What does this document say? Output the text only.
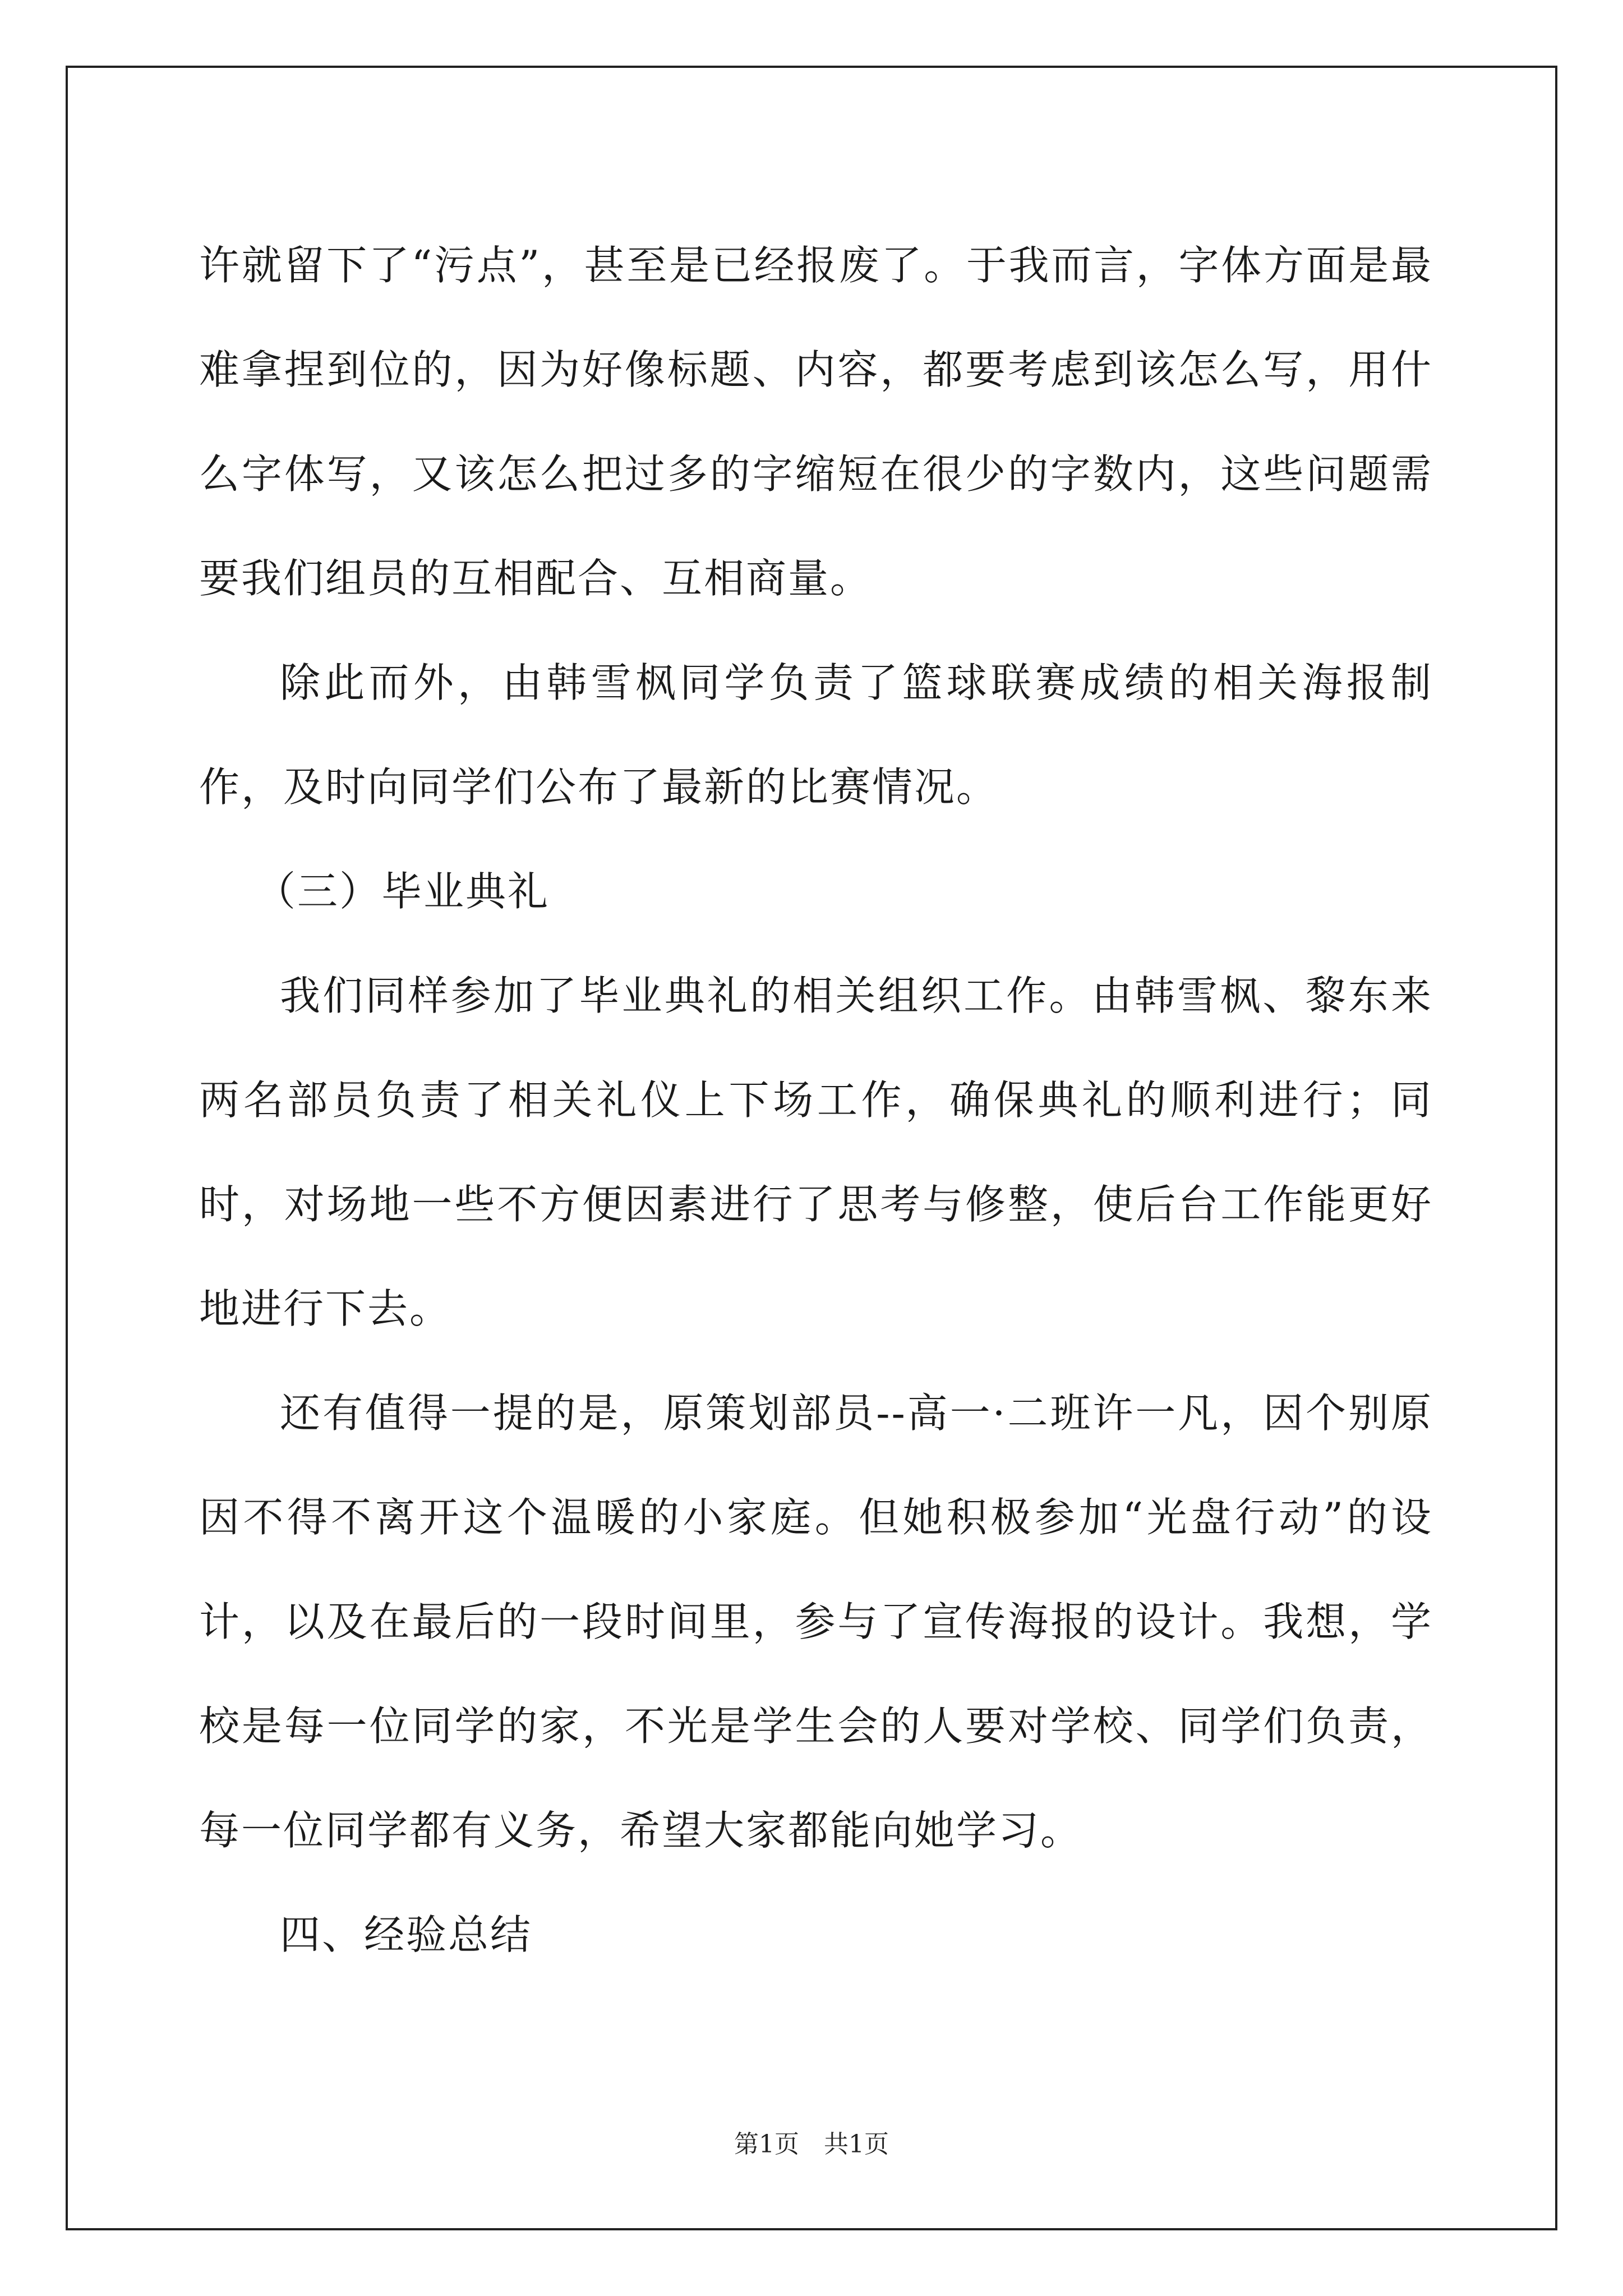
许就留下了“污点”，甚至是已经报废了。于我而言，字体方面是最难拿捏到位的，因为好像标题、内容，都要考虑到该怎么写，用什么字体写，又该怎么把过多的字缩短在很少的字数内，这些问题需要我们组员的互相配合、互相商量。

除此而外，由韩雪枫同学负责了篮球联赛成绩的相关海报制作，及时向同学们公布了最新的比赛情况。

（三）毕业典礼

我们同样参加了毕业典礼的相关组织工作。由韩雪枫、黎东来两名部员负责了相关礼仪上下场工作，确保典礼的顺利进行；同时，对场地一些不方便因素进行了思考与修整，使后台工作能更好地进行下去。

还有值得一提的是，原策划部员--高一·二班许一凡，因个别原因不得不离开这个温暖的小家庭。但她积极参加“光盘行动”的设计，以及在最后的一段时间里，参与了宣传海报的设计。我想，学校是每一位同学的家，不光是学生会的人要对学校、同学们负责，每一位同学都有义务，希望大家都能向她学习。

四、经验总结

第1页　共1页
